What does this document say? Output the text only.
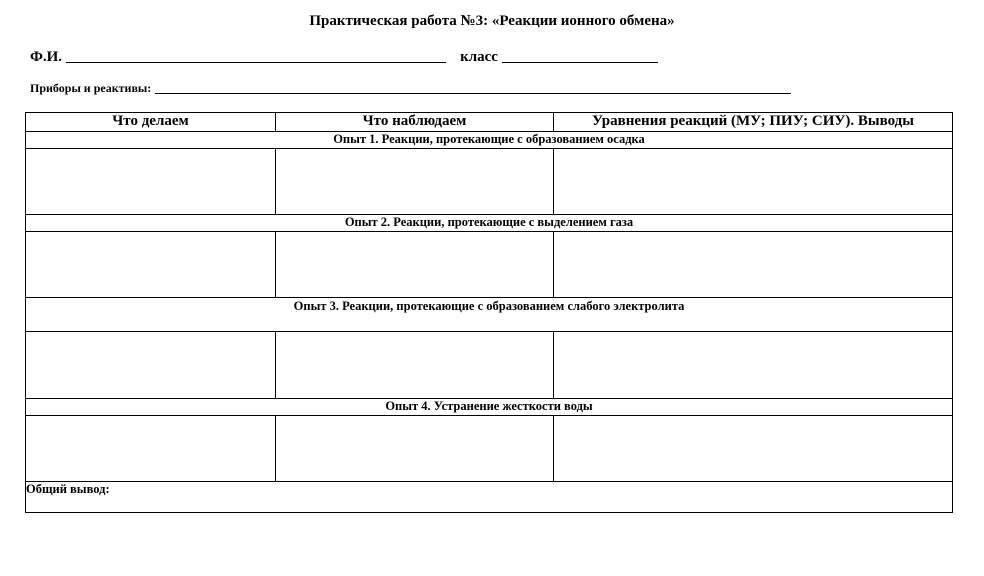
Практическая работа №3: «Реакции ионного обмена»
Ф.И.	класс
Приборы и реактивы:
Что делаем	Что наблюдаем	Уравнения реакций (МУ; ПИУ; СИУ). Выводы
Опыт 1. Реакции, протекающие с образованием осадка		

Опыт 2. Реакции, протекающие с выделением газа		

Опыт 3. Реакции, протекающие с образованием слабого электролита		

Опыт 4. Устранение жесткости воды		

Общий вывод:		
